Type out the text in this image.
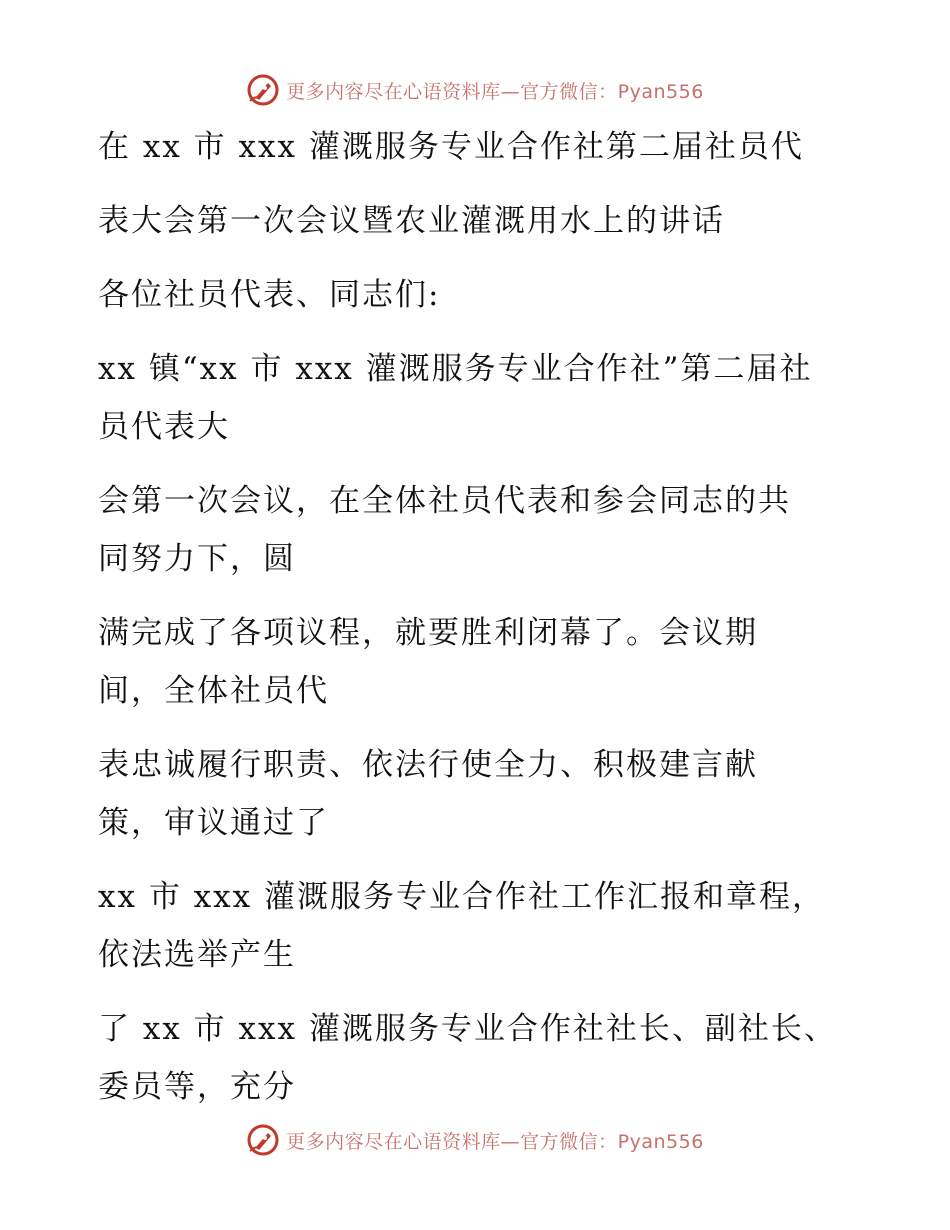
更多内容尽在心语资料库—官方微信：Pyan556
在 xx 市 xxx 灌溉服务专业合作社第二届社员代
表大会第一次会议暨农业灌溉用水上的讲话
各位社员代表、同志们:
xx 镇“xx 市 xxx 灌溉服务专业合作社”第二届社
员代表大
会第一次会议，在全体社员代表和参会同志的共
同努力下，圆
满完成了各项议程，就要胜利闭幕了。会议期
间，全体社员代
表忠诚履行职责、依法行使全力、积极建言献
策，审议通过了
xx 市 xxx 灌溉服务专业合作社工作汇报和章程，
依法选举产生
了 xx 市 xxx 灌溉服务专业合作社社长、副社长、
委员等，充分
更多内容尽在心语资料库—官方微信：Pyan556
